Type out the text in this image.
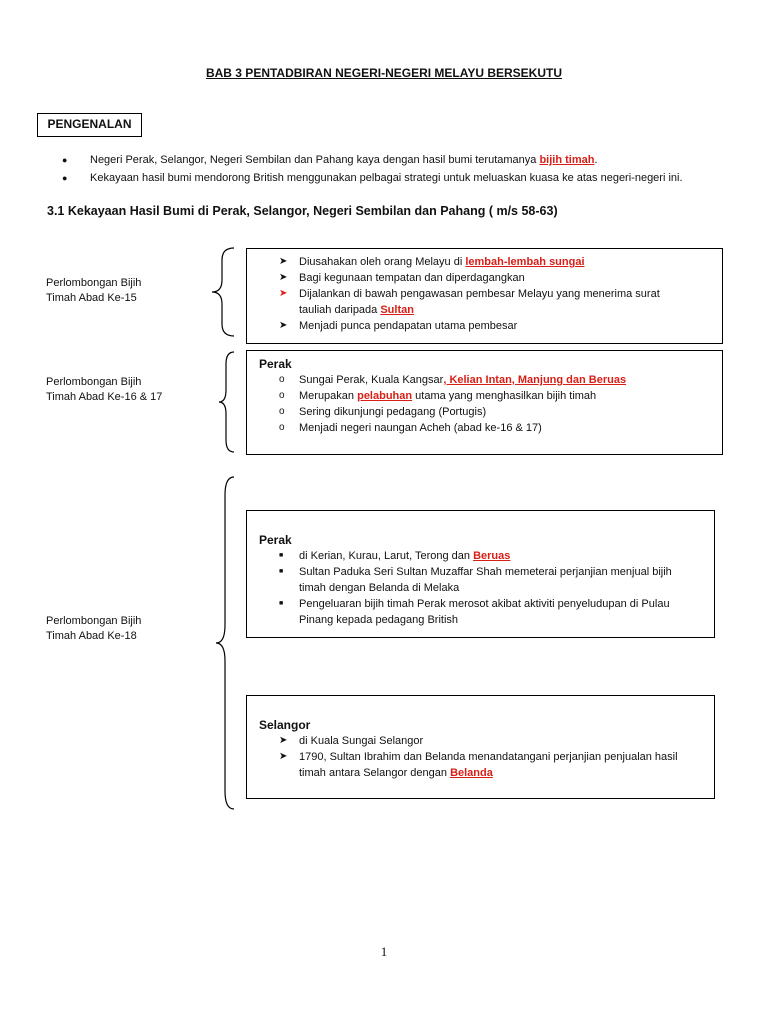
BAB 3 PENTADBIRAN NEGERI-NEGERI MELAYU BERSEKUTU
PENGENALAN
●	Negeri Perak, Selangor, Negeri Sembilan dan Pahang kaya dengan hasil bumi terutamanya bijih timah.
●	Kekayaan hasil bumi mendorong British menggunakan pelbagai strategi untuk meluaskan kuasa ke atas negeri-negeri ini.
3.1 Kekayaan Hasil Bumi di Perak, Selangor, Negeri Sembilan dan Pahang ( m/s 58-63)
Perlombongan Bijih
Timah Abad Ke-15
Perlombongan Bijih
Timah Abad Ke-16 & 17
Perlombongan Bijih
Timah Abad Ke-18
➤	Diusahakan oleh orang Melayu di lembah-lembah sungai
➤	Bagi kegunaan tempatan dan diperdagangkan
➤	Dijalankan di bawah pengawasan pembesar Melayu yang menerima surat
tauliah daripada Sultan
➤	Menjadi punca pendapatan utama pembesar
Perak
o	Sungai Perak, Kuala Kangsar, Kelian Intan, Manjung dan Beruas
o	Merupakan pelabuhan utama yang menghasilkan bijih timah
o	Sering dikunjungi pedagang (Portugis)
o	Menjadi negeri naungan Acheh (abad ke-16 & 17)
Perak
■	di Kerian, Kurau, Larut, Terong dan Beruas
■	Sultan Paduka Seri Sultan Muzaffar Shah memeterai perjanjian menjual bijih
timah dengan Belanda di Melaka
■	Pengeluaran bijih timah Perak merosot akibat aktiviti penyeludupan di Pulau
Pinang kepada pedagang British
Selangor
➤	di Kuala Sungai Selangor
➤	1790, Sultan Ibrahim dan Belanda menandatangani perjanjian penjualan hasil
timah antara Selangor dengan Belanda
1
